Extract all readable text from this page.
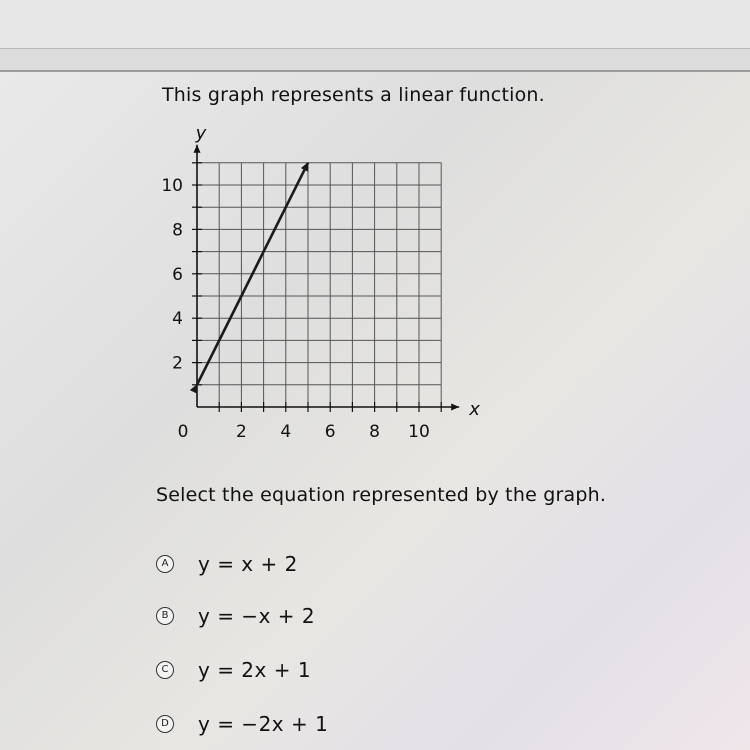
This graph represents a linear function.
0	2 4 6 8 10
2
4
6
8
10
x
y
Select the equation represented by the graph.
A y = x + 2
B y = −x + 2
C y = 2x + 1
D y = −2x + 1
